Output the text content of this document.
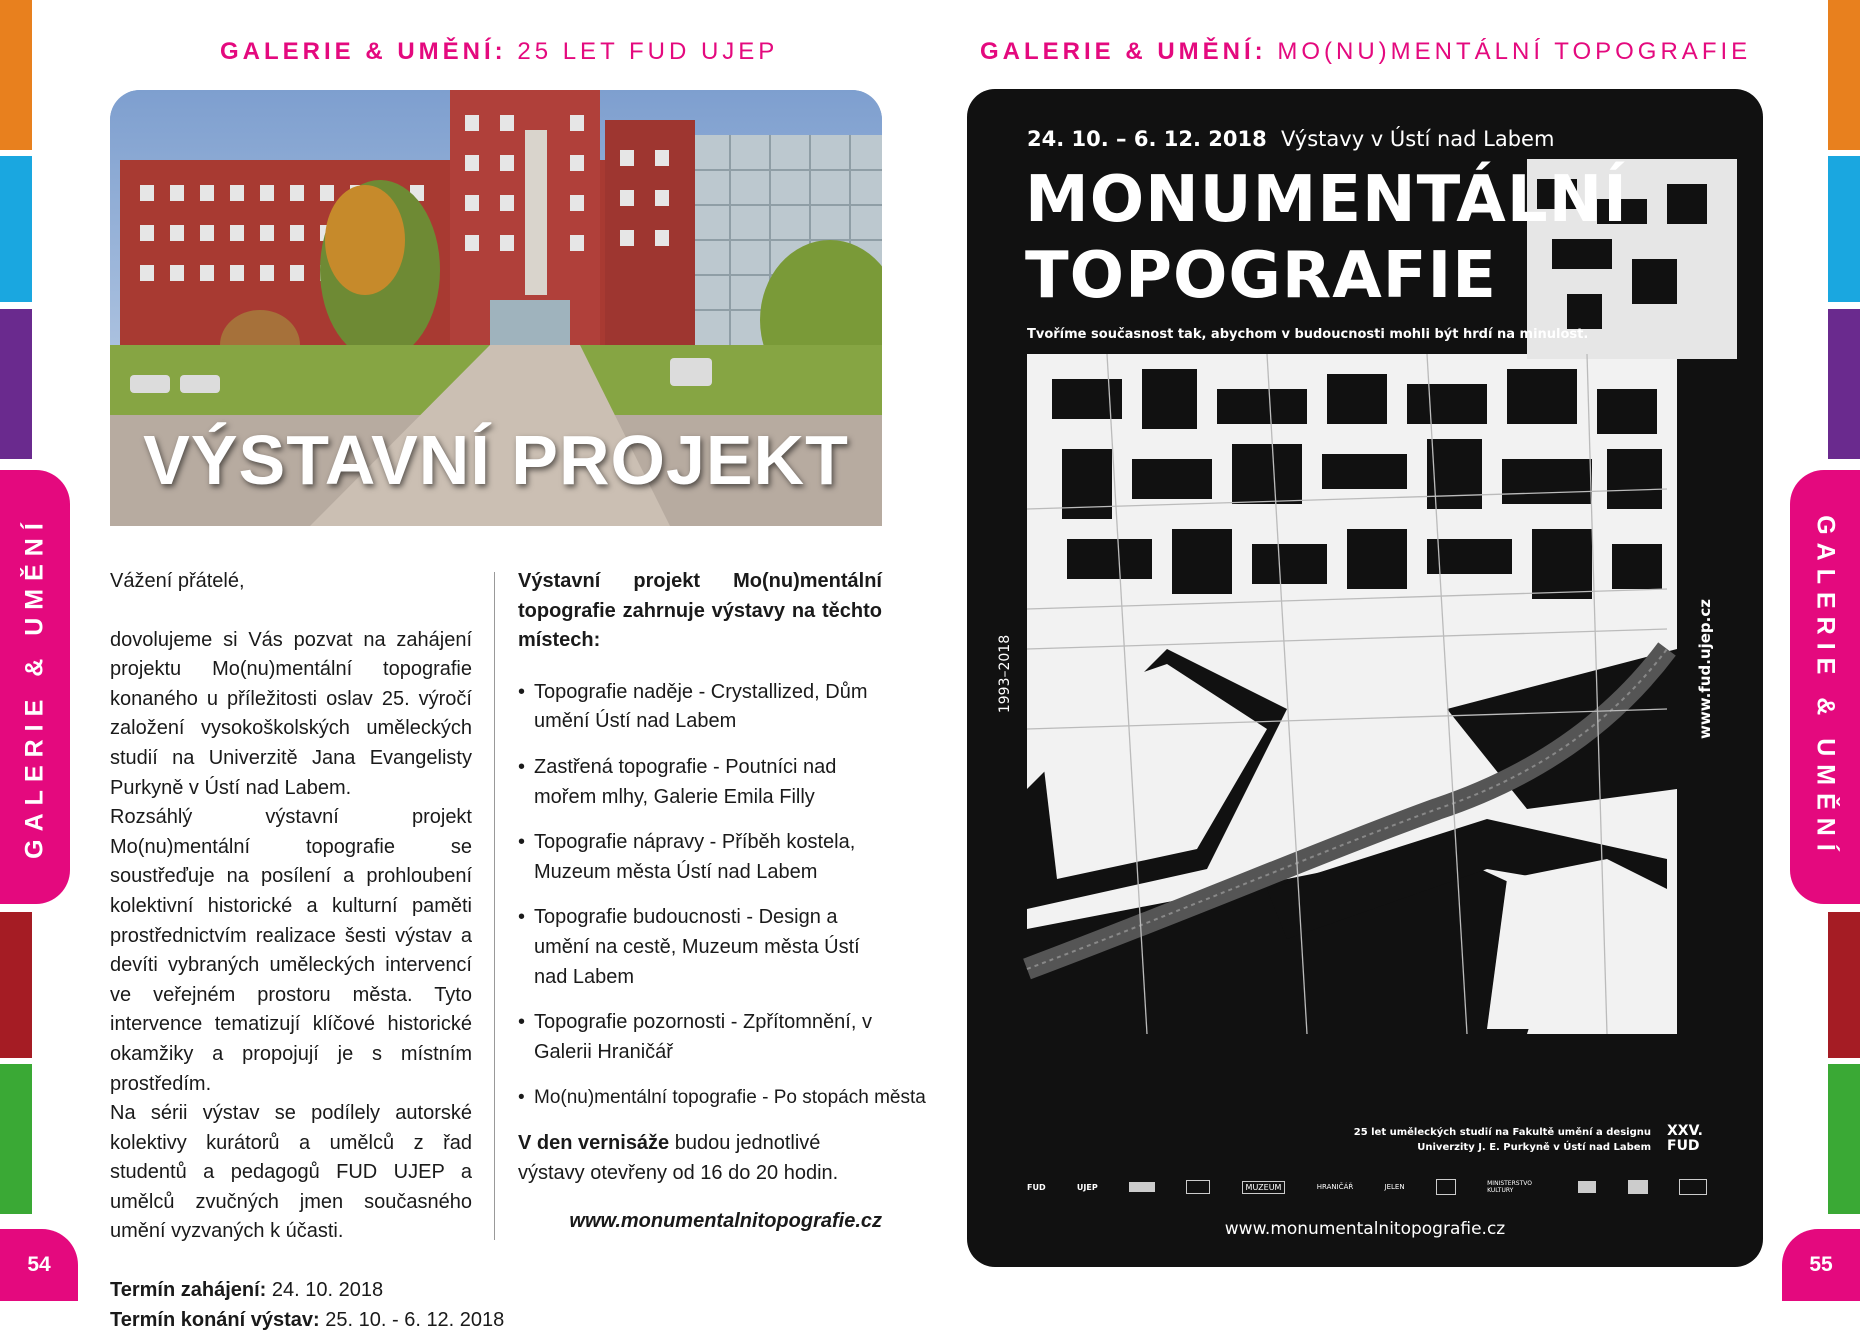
GALERIE & UMĚNÍ	GALERIE & UMĚNÍ
54	55
GALERIE & UMĚNÍ: 25 LET FUD UJEP	GALERIE & UMĚNÍ: MO(NU)MENTÁLNÍ TOPOGRAFIE
VÝSTAVNÍ PROJEKT

Vážení přátelé,

dovolujeme si Vás pozvat na zahájení projektu Mo(nu)mentální topografie konaného u příležitosti oslav 25. výročí založení vysokoškolských uměleckých studií na Univerzitě Jana Evangelisty Purkyně v Ústí nad Labem.

Rozsáhlý výstavní projekt Mo(nu)mentální topografie se soustřeďuje na posílení a prohloubení kolektivní historické a kulturní paměti prostřednictvím realizace šesti výstav a devíti vybraných uměleckých intervencí ve veřejném prostoru města. Tyto intervence tematizují klíčové historické okamžiky a propojují je s místním prostředím.

Na sérii výstav se podílely autorské kolektivy kurátorů a umělců z řad studentů a pedagogů FUD UJEP a umělců zvučných jmen současného umění vyzvaných k účasti.

Termín zahájení: 24. 10. 2018
Termín konání výstav: 25. 10. - 6. 12. 2018

Výstavní projekt Mo(nu)mentální topografie zahrnuje výstavy na těchto místech:

• Topografie naděje - Crystallized, Dům umění Ústí nad Labem
• Zastřená topografie - Poutníci nad mořem mlhy, Galerie Emila Filly
• Topografie nápravy - Příběh kostela, Muzeum města Ústí nad Labem
• Topografie budoucnosti - Design a umění na cestě, Muzeum města Ústí nad Labem
• Topografie pozornosti - Zpřítomnění, v Galerii Hraničář
• Mo(nu)mentální topografie - Po stopách města

V den vernisáže budou jednotlivé výstavy otevřeny od 16 do 20 hodin.

www.monumentalnitopografie.cz
24. 10. – 6. 12. 2018 Výstavy v Ústí nad Labem
MONUMENTÁLNÍ
TOPOGRAFIE
Tvoříme současnost tak, abychom v budoucnosti mohli být hrdí na minulost.
1993–2018	www.fud.ujep.cz
25 let uměleckých studií na Fakultě umění a designu
Univerzity J. E. Purkyně v Ústí nad Labem
XXV. FUD
FUD	UJEP	MUZEUM	HRANIČÁŘ	JELEN	MINISTERSTVO KULTURY
www.monumentalnitopografie.cz
